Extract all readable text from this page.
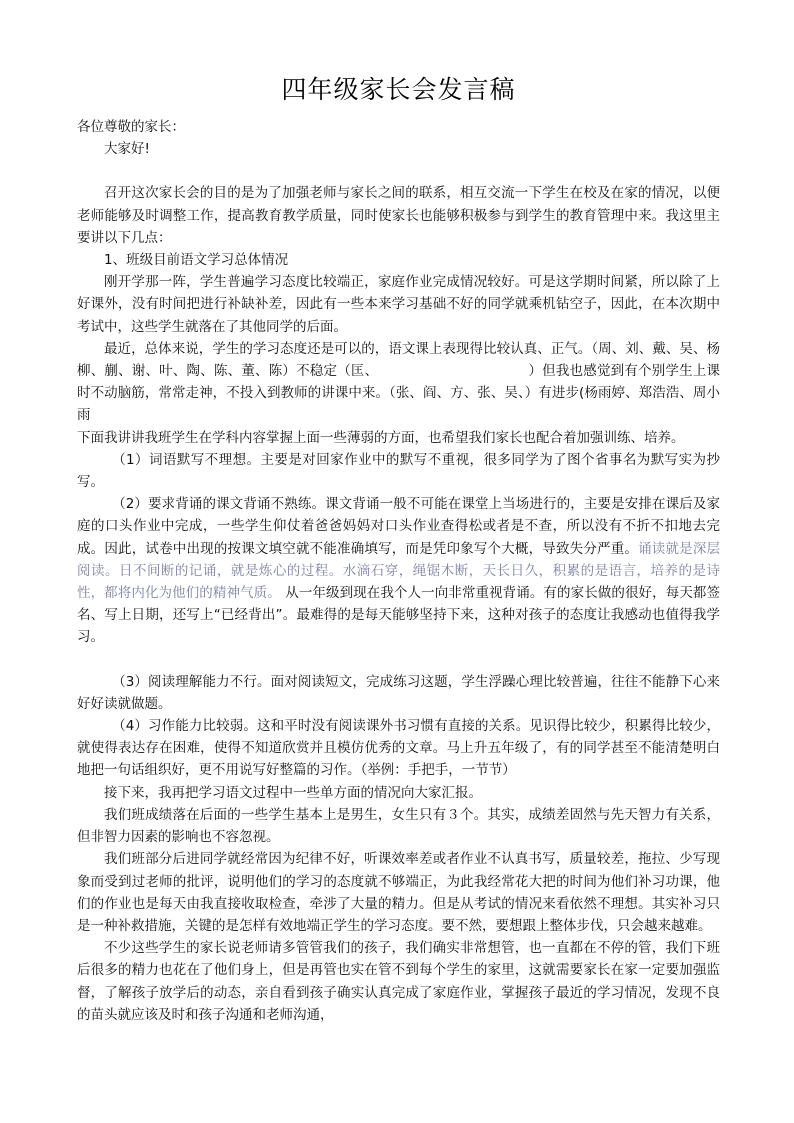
四年级家长会发言稿

各位尊敬的家长：

大家好!

召开这次家长会的目的是为了加强老师与家长之间的联系，相互交流一下学生在校及在家的情况，以便老师能够及时调整工作，提高教育教学质量，同时使家长也能够积极参与到学生的教育管理中来。我这里主要讲以下几点：

1、班级目前语文学习总体情况

刚开学那一阵，学生普遍学习态度比较端正，家庭作业完成情况较好。可是这学期时间紧，所以除了上好课外，没有时间把进行补缺补差，因此有一些本来学习基础不好的同学就乘机钻空子，因此，在本次期中考试中，这些学生就落在了其他同学的后面。

最近，总体来说，学生的学习态度还是可以的，语文课上表现得比较认真、正气。（周、刘、戴、吴、杨柳、蒯、谢、叶、陶、陈、董、陈）不稳定（匡、	）但我也感觉到有个别学生上课时不动脑筋，常常走神，不投入到教师的讲课中来。（张、阎、方、张、吴、）有进步(杨雨婷、郑浩浩、周小雨

下面我讲讲我班学生在学科内容掌握上面一些薄弱的方面，也希望我们家长也配合着加强训练、培养。

（1）词语默写不理想。主要是对回家作业中的默写不重视，很多同学为了图个省事名为默写实为抄写。

（2）要求背诵的课文背诵不熟练。课文背诵一般不可能在课堂上当场进行的，主要是安排在课后及家庭的口头作业中完成，一些学生仰仗着爸爸妈妈对口头作业查得松或者是不查，所以没有不折不扣地去完成。因此，试卷中出现的按课文填空就不能准确填写，而是凭印象写个大概，导致失分严重。诵读就是深层阅读。日不间断的记诵，就是炼心的过程。水滴石穿，绳锯木断，天长日久，积累的是语言，培养的是诗性，都将内化为他们的精神气质。 从一年级到现在我个人一向非常重视背诵。有的家长做的很好，每天都签名、写上日期，还写上“已经背出”。最难得的是每天能够坚持下来，这种对孩子的态度让我感动也值得我学习。

（3）阅读理解能力不行。面对阅读短文，完成练习这题，学生浮躁心理比较普遍，往往不能静下心来好好读就做题。

（4）习作能力比较弱。这和平时没有阅读课外书习惯有直接的关系。见识得比较少，积累得比较少，就使得表达存在困难，使得不知道欣赏并且模仿优秀的文章。马上升五年级了，有的同学甚至不能清楚明白地把一句话组织好，更不用说写好整篇的习作。（举例：手把手，一节节）

接下来，我再把学习语文过程中一些单方面的情况向大家汇报。

我们班成绩落在后面的一些学生基本上是男生，女生只有３个。其实，成绩差固然与先天智力有关系，但非智力因素的影响也不容忽视。

我们班部分后进同学就经常因为纪律不好，听课效率差或者作业不认真书写，质量较差，拖拉、少写现象而受到过老师的批评，说明他们的学习的态度就不够端正，为此我经常花大把的时间为他们补习功课，他们的作业也是每天由我直接收取检查，牵涉了大量的精力。但是从考试的情况来看依然不理想。其实补习只是一种补救措施，关键的是怎样有效地端正学生的学习态度。要不然，要想跟上整体步伐，只会越来越难。

不少这些学生的家长说老师请多管管我们的孩子，我们确实非常想管，也一直都在不停的管，我们下班后很多的精力也花在了他们身上，但是再管也实在管不到每个学生的家里，这就需要家长在家一定要加强监督，了解孩子放学后的动态，亲自看到孩子确实认真完成了家庭作业，掌握孩子最近的学习情况，发现不良的苗头就应该及时和孩子沟通和老师沟通，
